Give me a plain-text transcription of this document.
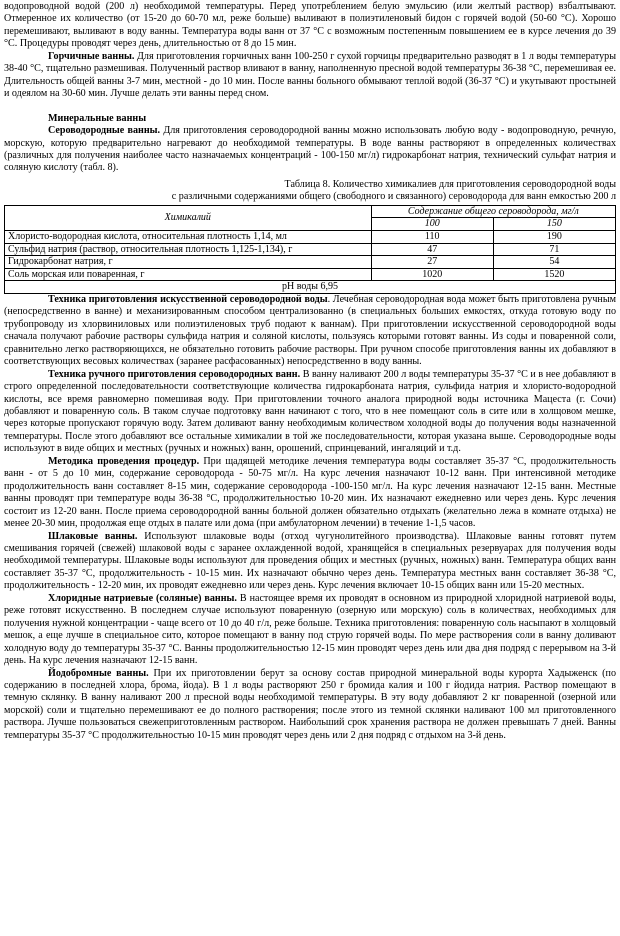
водопроводной водой (200 л) необходимой температуры. Перед употреблением белую эмульсию (или желтый раствор) взбалтывают. Отмеренное их количество (от 15-20 до 60-70 мл, реже больше) выливают в полиэтиленовый бидон с горячей водой (50-60 °С). Хорошо перемешивают, выливают в воду ванны. Температура воды ванн от 37 °С с возможным постепенным повышением ее в курсе лечения до 39 °С. Процедуры проводят через день, длительностью от 8 до 15 мин.

Горчичные ванны. Для приготовления горчичных ванн 100-250 г сухой горчицы предварительно разводят в 1 л воды температуры 38-40 °С, тщательно размешивая. Полученный раствор вливают в ванну, наполненную пресной водой температуры 36-38 °С, перемешивая ее. Длительность общей ванны 3-7 мин, местной - до 10 мин. После ванны больного обмывают теплой водой (36-37 °С) и укутывают простыней и одеялом на 30-60 мин. Лучше делать эти ванны перед сном.

Минеральные ванны

Сероводородные ванны. Для приготовления сероводородной ванны можно использовать любую воду - водопроводную, речную, морскую, которую предварительно нагревают до необходимой температуры. В воде ванны растворяют в определенных количествах (различных для получения наиболее часто назначаемых концентраций - 100-150 мг/л) гидрокарбонат натрия, технический сульфат натрия и соляную кислоту (табл. 8).

Таблица 8. Количество химикалиев для приготовления сероводородной воды

с различными содержаниями общего (свободного и связанного) сероводорода для ванн емкостью 200 л

Химикалий	Содержание общего сероводорода, мг/л	
	100	150
Хлористо-водородная кислота, относительная плотность 1,14, мл	110	190
Сульфид натрия (раствор, относительная плотность 1,125-1,134), г	47	71
Гидрокарбонат натрия, г	27	54
Соль морская или поваренная, г	1020	1520
pH воды 6,95		

Техника приготовления искусственной сероводородной воды. Лечебная сероводородная вода может быть приготовлена ручным (непосредственно в ванне) и механизированным способом централизованно (в специальных больших емкостях, откуда готовую воду по трубопроводу из хлорвиниловых или полиэтиленовых труб подают к ваннам). При приготовлении искусственной сероводородной воды сначала получают рабочие растворы сульфида натрия и соляной кислоты, пользуясь которыми готовят ванны. Из соды и поваренной соли, сравнительно легко растворяющихся, не обязательно готовить рабочие растворы. При ручном способе приготовления ванны их добавляют в соответствующих весовых количествах (заранее расфасованных) непосредственно в воду ванны.

Техника ручного приготовления сероводородных ванн. В ванну наливают 200 л воды температуры 35-37 °С и в нее добавляют в строго определенной последовательности соответствующие количества гидрокарбоната натрия, сульфида натрия и хлористо-водородной кислоты, все время равномерно помешивая воду. При приготовлении точного аналога природной воды источника Мацеста (г. Сочи) добавляют и поваренную соль. В таком случае подготовку ванн начинают с того, что в нее помещают соль в сите или в холщовом мешке, через которые пропускают горячую воду. Затем доливают ванну необходимым количеством холодной воды до получения воды назначенной температуры. После этого добавляют все остальные химикалии в той же последовательности, которая указана выше. Сероводородные воды используют в виде общих и местных (ручных и ножных) ванн, орошений, спринцеваний, ингаляций и т.д.

Методика проведения процедур. При щадящей методике лечения температура воды составляет 35-37 °С, продолжительность ванн - от 5 до 10 мин, содержание сероводорода - 50-75 мг/л. На курс лечения назначают 10-12 ванн. При интенсивной методике продолжительность ванн составляет 8-15 мин, содержание сероводорода -100-150 мг/л. На курс лечения назначают 12-15 ванн. Местные ванны проводят при температуре воды 36-38 °С, продолжительностью 10-20 мин. Их назначают ежедневно или через день. Курс лечения состоит из 12-20 ванн. После приема сероводородной ванны больной должен обязательно отдыхать (желательно лежа в комнате отдыха) не менее 20-30 мин, продолжая еще отдых в палате или дома (при амбулаторном лечении) в течение 1-1,5 часов.

Шлаковые ванны. Используют шлаковые воды (отход чугунолитейного производства). Шлаковые ванны готовят путем смешивания горячей (свежей) шлаковой воды с заранее охлажденной водой, хранящейся в специальных резервуарах для получения воды необходимой температуры. Шлаковые воды используют для проведения общих и местных (ручных, ножных) ванн. Температура общих ванн составляет 35-37 °С, продолжительность - 10-15 мин. Их назначают обычно через день. Температура местных ванн составляет 36-38 °С, продолжительность - 12-20 мин, их проводят ежедневно или через день. Курс лечения включает 10-15 общих ванн или 15-20 местных.

Хлоридные натриевые (соляные) ванны. В настоящее время их проводят в основном из природной хлоридной натриевой воды, реже готовят искусственно. В последнем случае используют поваренную (озерную или морскую) соль в количествах, необходимых для получения нужной концентрации - чаще всего от 10 до 40 г/л, реже больше. Техника приготовления: поваренную соль насыпают в холщовый мешок, а еще лучше в специальное сито, которое помещают в ванну под струю горячей воды. По мере растворения соли в ванну доливают холодную воду до температуры 35-37 °С. Ванны продолжительностью 12-15 мин проводят через день или два дня подряд с перерывом на 3-й день. На курс лечения назначают 12-15 ванн.

Йодобромные ванны. При их приготовлении берут за основу состав природной минеральной воды курорта Хадыженск (по содержанию в последней хлора, брома, йода). В 1 л воды растворяют 250 г бромида калия и 100 г йодида натрия. Раствор помещают в темную склянку. В ванну наливают 200 л пресной воды необходимой температуры. В эту воду добавляют 2 кг поваренной (озерной или морской) соли и тщательно перемешивают ее до полного растворения; после этого из темной склянки наливают 100 мл приготовленного раствора. Лучше пользоваться свежеприготовленным раствором. Наибольший срок хранения раствора не должен превышать 7 дней. Ванны температуры 35-37 °С продолжительностью 10-15 мин проводят через день или 2 дня подряд с отдыхом на 3-й день.
